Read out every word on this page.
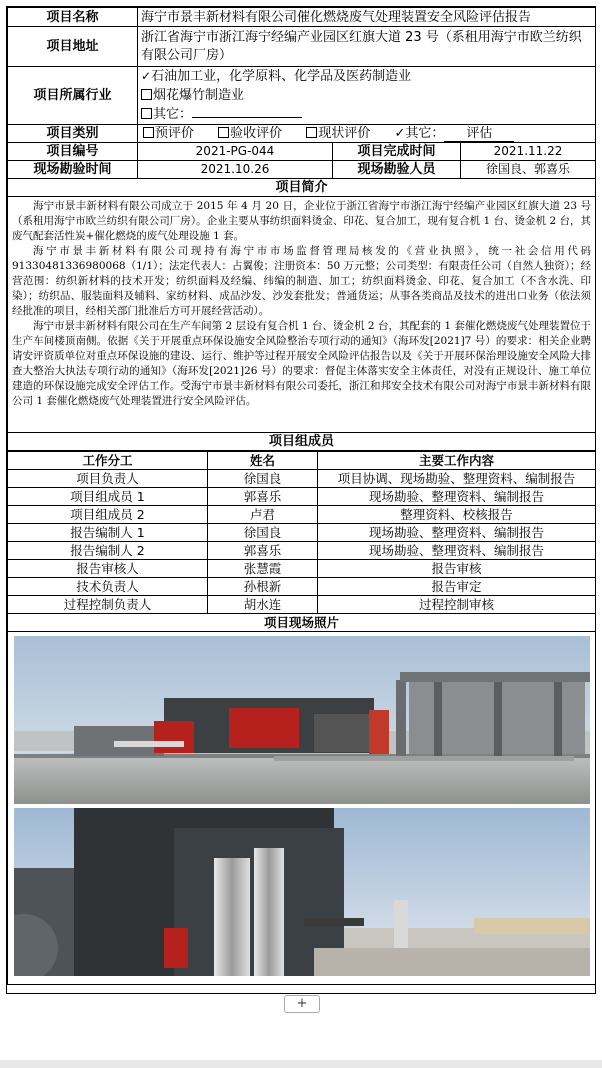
项目名称	海宁市景丰新材料有限公司催化燃烧废气处理装置安全风险评估报告		
项目地址	浙江省海宁市浙江海宁经编产业园区红旗大道 23 号（系租用海宁市欧兰纺织有限公司厂房）		
项目所属行业	✓石油加工业，化学原料、化学品及医药制造业
烟花爆竹制造业
其它：		

项目类别	预评价 验收评价 现状评价 ✓其它： 评估		
项目编号	2021-PG-044	项目完成时间	2021.11.22
现场勘验时间	2021.10.26	现场勘验人员	徐国良、郭喜乐
项目简介			

海宁市景丰新材料有限公司成立于 2015 年 4 月 20 日，企业位于浙江省海宁市浙江海宁经编产业园区红旗大道 23 号（系租用海宁市欧兰纺织有限公司厂房）。企业主要从事纺织面料烫金、印花、复合加工，现有复合机 1 台、烫金机 2 台，其废气配套活性炭+催化燃烧的废气处理设施 1 套。

海宁市景丰新材料有限公司现持有海宁市市场监督管理局核发的《营业执照》，统一社会信用代码 91330481336980068（1/1）；法定代表人：占翼俊；注册资本：50 万元整；公司类型：有限责任公司（自然人独资）；经营范围：纺织新材料的技术开发；纺织面料及经编、纬编的制造、加工；纺织面料烫金、印花、复合加工（不含水洗、印染）；纺织品、服装面料及辅料、家纺材料、成品沙发、沙发套批发；普通货运；从事各类商品及技术的进出口业务（依法须经批准的项目，经相关部门批准后方可开展经营活动）。

海宁市景丰新材料有限公司在生产车间第 2 层设有复合机 1 台、烫金机 2 台，其配套的 1 套催化燃烧废气处理装置位于生产车间楼顶南侧。依据《关于开展重点环保设施安全风险整治专项行动的通知》（海环发[2021]7 号）的要求：相关企业聘请安评资质单位对重点环保设施的建设、运行、维护等过程开展安全风险评估报告以及《关于开展环保治理设施安全风险大排查大整治大执法专项行动的通知》（海环发[2021]26 号）的要求：督促主体落实安全主体责任，对没有正规设计、施工单位建造的环保设施完成安全评估工作。受海宁市景丰新材料有限公司委托，浙江和邦安全技术有限公司对海宁市景丰新材料有限公司 1 套催化燃烧废气处理装置进行安全风险评估。			

项目组成员			
工作分工	姓名	主要工作内容
项目负责人	徐国良	项目协调、现场勘验、整理资料、编制报告
项目组成员 1	郭喜乐	现场勘验、整理资料、编制报告
项目组成员 2	卢君	整理资料、校核报告
报告编制人 1	徐国良	现场勘验、整理资料、编制报告
报告编制人 2	郭喜乐	现场勘验、整理资料、编制报告
报告审核人	张慧霞	报告审核
技术负责人	孙根新	报告审定
过程控制负责人	胡水连	过程控制审核
项目现场照片		

+
